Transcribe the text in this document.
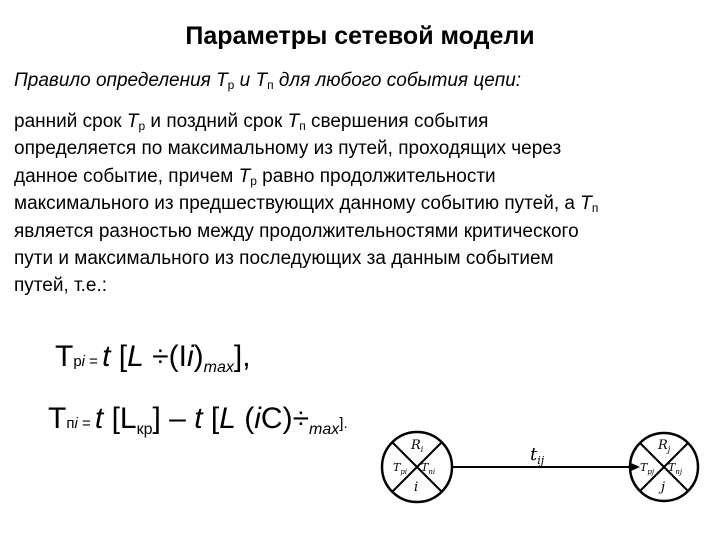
Параметры сетевой модели
Правило определения $T_p$ и $T_п$ для любого события цепи:
ранний срок $T_p$ и поздний срок $T_п$ свершения события
определяется по максимальному из путей, проходящих через
данное событие, причем $T_p$ равно продолжительности
максимального из предшествующих данному событию путей, а $T_п$
является разностью между продолжительностями критического
пути и максимального из последующих за данным событием
путей, т.е.:
Tpi = t $[L \div(Ii)_{max}]$,
Tпi = t $[L_{кр}]$ – t [L $(iC)\div_{max}$].
$R_i$
$T_{pi}$ $T_{пi}$
i
$t_{ij}$
$R_j$
$T_{pj}$ $T_{пj}$
j
